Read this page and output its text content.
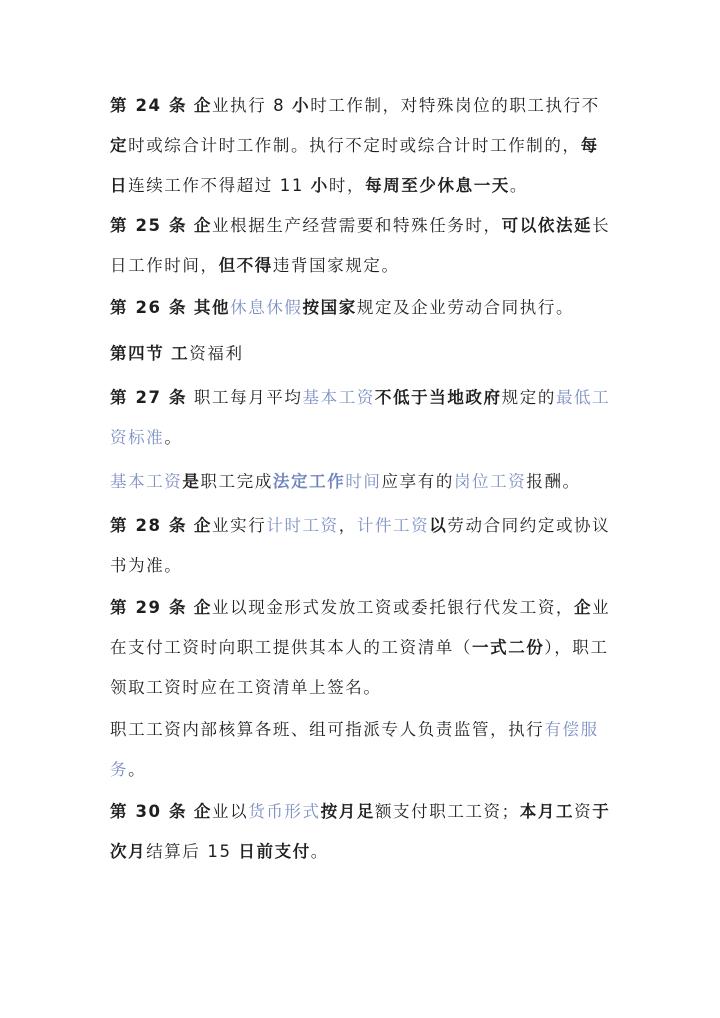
第 24 条 企业执行 8 小时工作制，对特殊岗位的职工执行不定时或综合计时工作制。执行不定时或综合计时工作制的，每日连续工作不得超过 11 小时，每周至少休息一天。

第 25 条 企业根据生产经营需要和特殊任务时，可以依法延长日工作时间，但不得违背国家规定。

第 26 条 其他休息休假按国家规定及企业劳动合同执行。

第四节 工资福利

第 27 条 职工每月平均基本工资不低于当地政府规定的最低工资标准。

基本工资是职工完成法定工作时间应享有的岗位工资报酬。

第 28 条 企业实行计时工资，计件工资以劳动合同约定或协议书为准。

第 29 条 企业以现金形式发放工资或委托银行代发工资，企业在支付工资时向职工提供其本人的工资清单（一式二份），职工领取工资时应在工资清单上签名。

职工工资内部核算各班、组可指派专人负责监管，执行有偿服务。

第 30 条 企业以货币形式按月足额支付职工工资；本月工资于次月结算后 15 日前支付。
